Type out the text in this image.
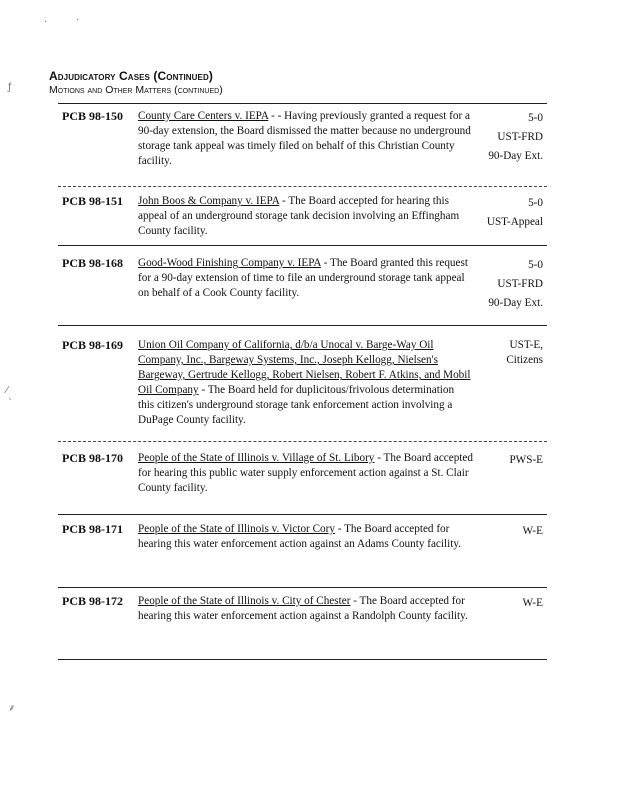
.	.
ƒ
⁄
`
⸙
Adjudicatory Cases (Continued)
Motions and Other Matters (continued)
PCB 98-150 County Care Centers v. IEPA - - Having previously granted a request for a 90-day extension, the Board dismissed the matter because no underground storage tank appeal was timely filed on behalf of this Christian County facility.
5-0
UST-FRD
90-Day Ext.
PCB 98-151 John Boos & Company v. IEPA - The Board accepted for hearing this appeal of an underground storage tank decision involving an Effingham County facility.
5-0
UST-Appeal
PCB 98-168 Good-Wood Finishing Company v. IEPA - The Board granted this request for a 90-day extension of time to file an underground storage tank appeal on behalf of a Cook County facility.
5-0
UST-FRD
90-Day Ext.
PCB 98-169 Union Oil Company of California, d/b/a Unocal v. Barge-Way Oil Company, Inc., Bargeway Systems, Inc., Joseph Kellogg, Nielsen's Bargeway, Gertrude Kellogg, Robert Nielsen, Robert F. Atkins, and Mobil Oil Company - The Board held for duplicitous/frivolous determination this citizen's underground storage tank enforcement action involving a DuPage County facility.
UST-E,
Citizens
PCB 98-170 People of the State of Illinois v. Village of St. Libory - The Board accepted for hearing this public water supply enforcement action against a St. Clair County facility.
PWS-E
PCB 98-171 People of the State of Illinois v. Victor Cory - The Board accepted for hearing this water enforcement action against an Adams County facility.
W-E
PCB 98-172 People of the State of Illinois v. City of Chester - The Board accepted for hearing this water enforcement action against a Randolph County facility.
W-E
